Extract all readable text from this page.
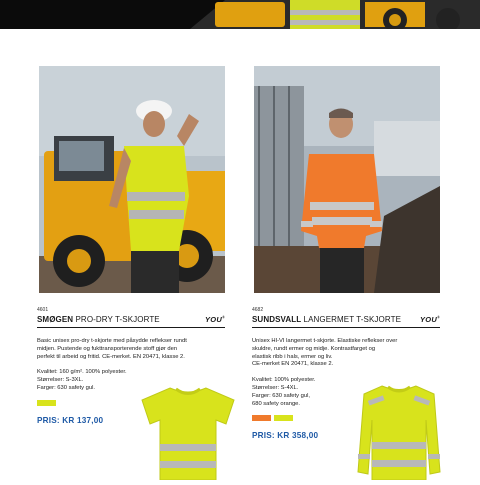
4601
SMØGEN PRO-DRY T-SKJORTE	YOU®
Basic unisex pro-dry t-skjorte med påsydde reflekser rundt
midjen. Pustende og fukttransporterende stoff gjør den
perfekt til arbeid og fritid. CE-merket. EN 20471, klasse 2.
Kvalitet: 160 g/m². 100% polyester.
Størrelser: S-3XL.
Farger: 630 safety gul.
PRIS: KR 137,00
4682
SUNDSVALL LANGERMET T-SKJORTE	YOU®
Unisex HI-VI langermet t-skjorte. Elastiske reflekser over
skuldre, rundt ermer og midje. Kontrastfarget og
elastisk ribb i hals, ermer og liv.
CE-merket EN 20471, klasse 2.
Kvalitet: 100% polyester.
Størrelser: S-4XL.
Farger: 630 safety gul,
680 safety orange.
PRIS: KR 358,00
